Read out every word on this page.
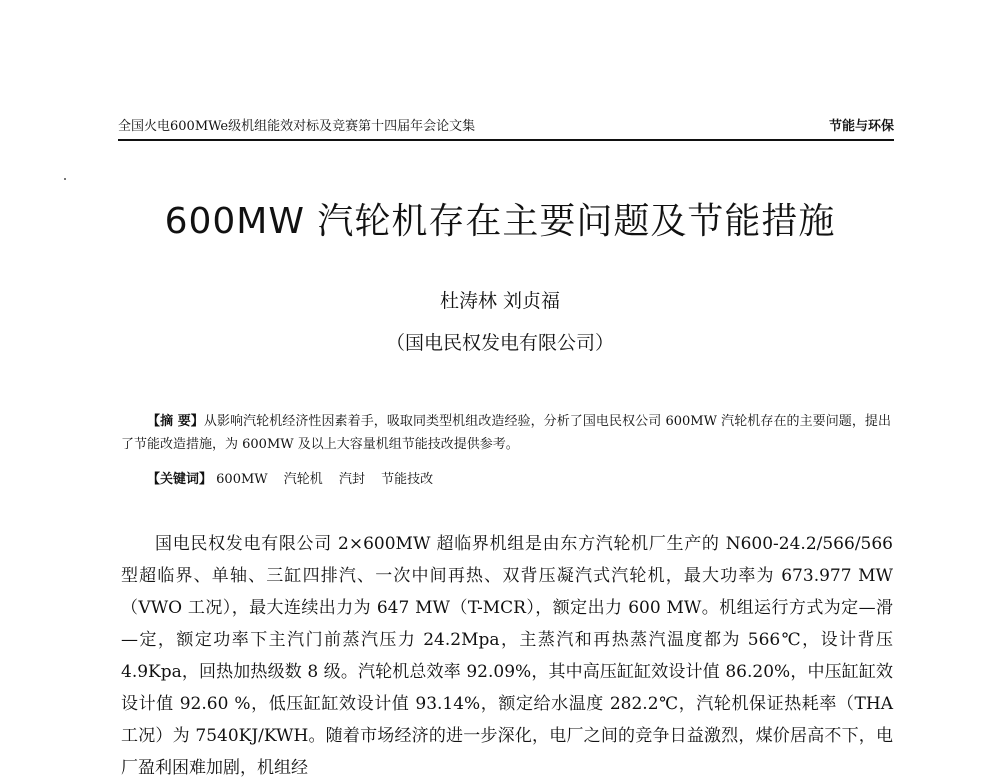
全国火电600MWe级机组能效对标及竞赛第十四届年会论文集	节能与环保
600MW 汽轮机存在主要问题及节能措施
杜涛林 刘贞福
（国电民权发电有限公司）
【摘 要】从影响汽轮机经济性因素着手，吸取同类型机组改造经验，分析了国电民权公司 600MW 汽轮机存在的主要问题，提出了节能改造措施，为 600MW 及以上大容量机组节能技改提供参考。
【关键词】 600MW 汽轮机 汽封 节能技改
国电民权发电有限公司 2×600MW 超临界机组是由东方汽轮机厂生产的 N600-24.2/566/566 型超临界、单轴、三缸四排汽、一次中间再热、双背压凝汽式汽轮机，最大功率为 673.977 MW（VWO 工况），最大连续出力为 647 MW（T-MCR），额定出力 600 MW。机组运行方式为定—滑—定，额定功率下主汽门前蒸汽压力 24.2Mpa，主蒸汽和再热蒸汽温度都为 566℃，设计背压 4.9Kpa，回热加热级数 8 级。汽轮机总效率 92.09%，其中高压缸缸效设计值 86.20%，中压缸缸效设计值 92.60 %，低压缸缸效设计值 93.14%，额定给水温度 282.2℃，汽轮机保证热耗率（THA 工况）为 7540KJ/KWH。随着市场经济的进一步深化，电厂之间的竞争日益激烈，煤价居高不下，电厂盈利困难加剧，机组经
